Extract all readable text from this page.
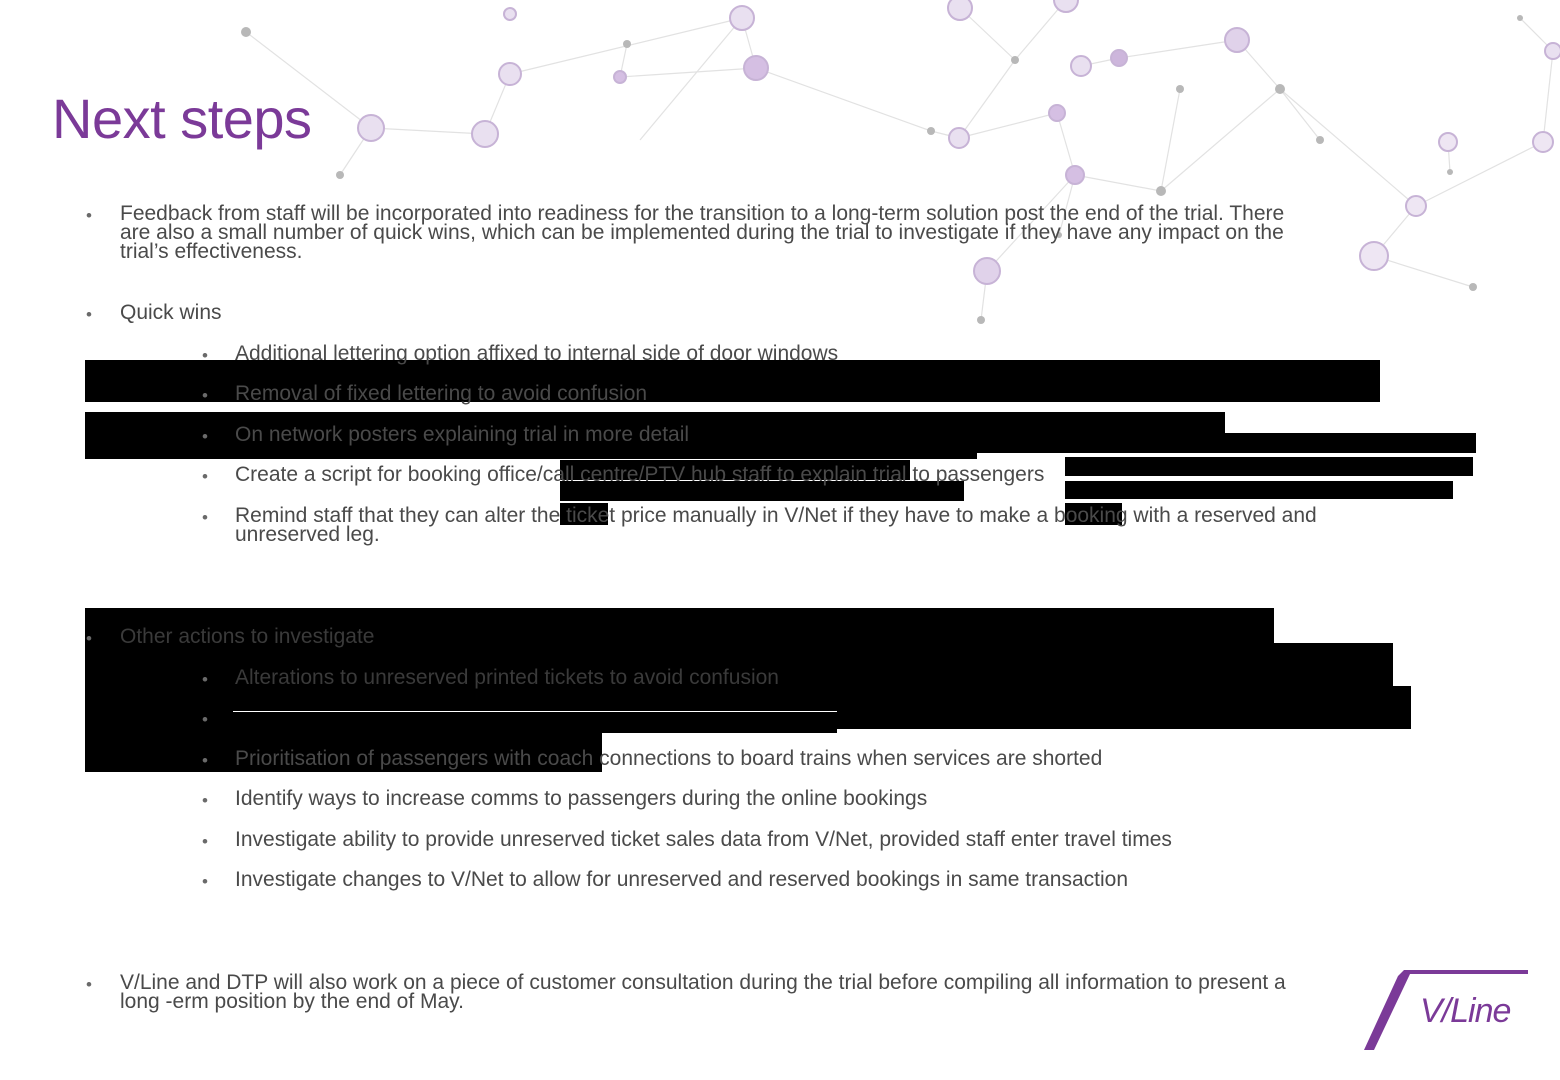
Next steps
• Feedback from staff will be incorporated into readiness for the transition to a long-term solution post the end of the trial. There
are also a small number of quick wins, which can be implemented during the trial to investigate if they have any impact on the
trial’s effectiveness.
• Quick wins
• Additional lettering option affixed to internal side of door windows
• Removal of fixed lettering to avoid confusion
• On network posters explaining trial in more detail
• Create a script for booking office/call centre/PTV hub staff to explain trial to passengers
• Remind staff that they can alter the ticket price manually in V/Net if they have to make a booking with a reserved and
unreserved leg.
• Other actions to investigate
• Alterations to unreserved printed tickets to avoid confusion
•
• Prioritisation of passengers with coach connections to board trains when services are shorted
• Identify ways to increase comms to passengers during the online bookings
• Investigate ability to provide unreserved ticket sales data from V/Net, provided staff enter travel times
• Investigate changes to V/Net to allow for unreserved and reserved bookings in same transaction
• V/Line and DTP will also work on a piece of customer consultation during the trial before compiling all information to present a
long -erm position by the end of May.	V/Line
